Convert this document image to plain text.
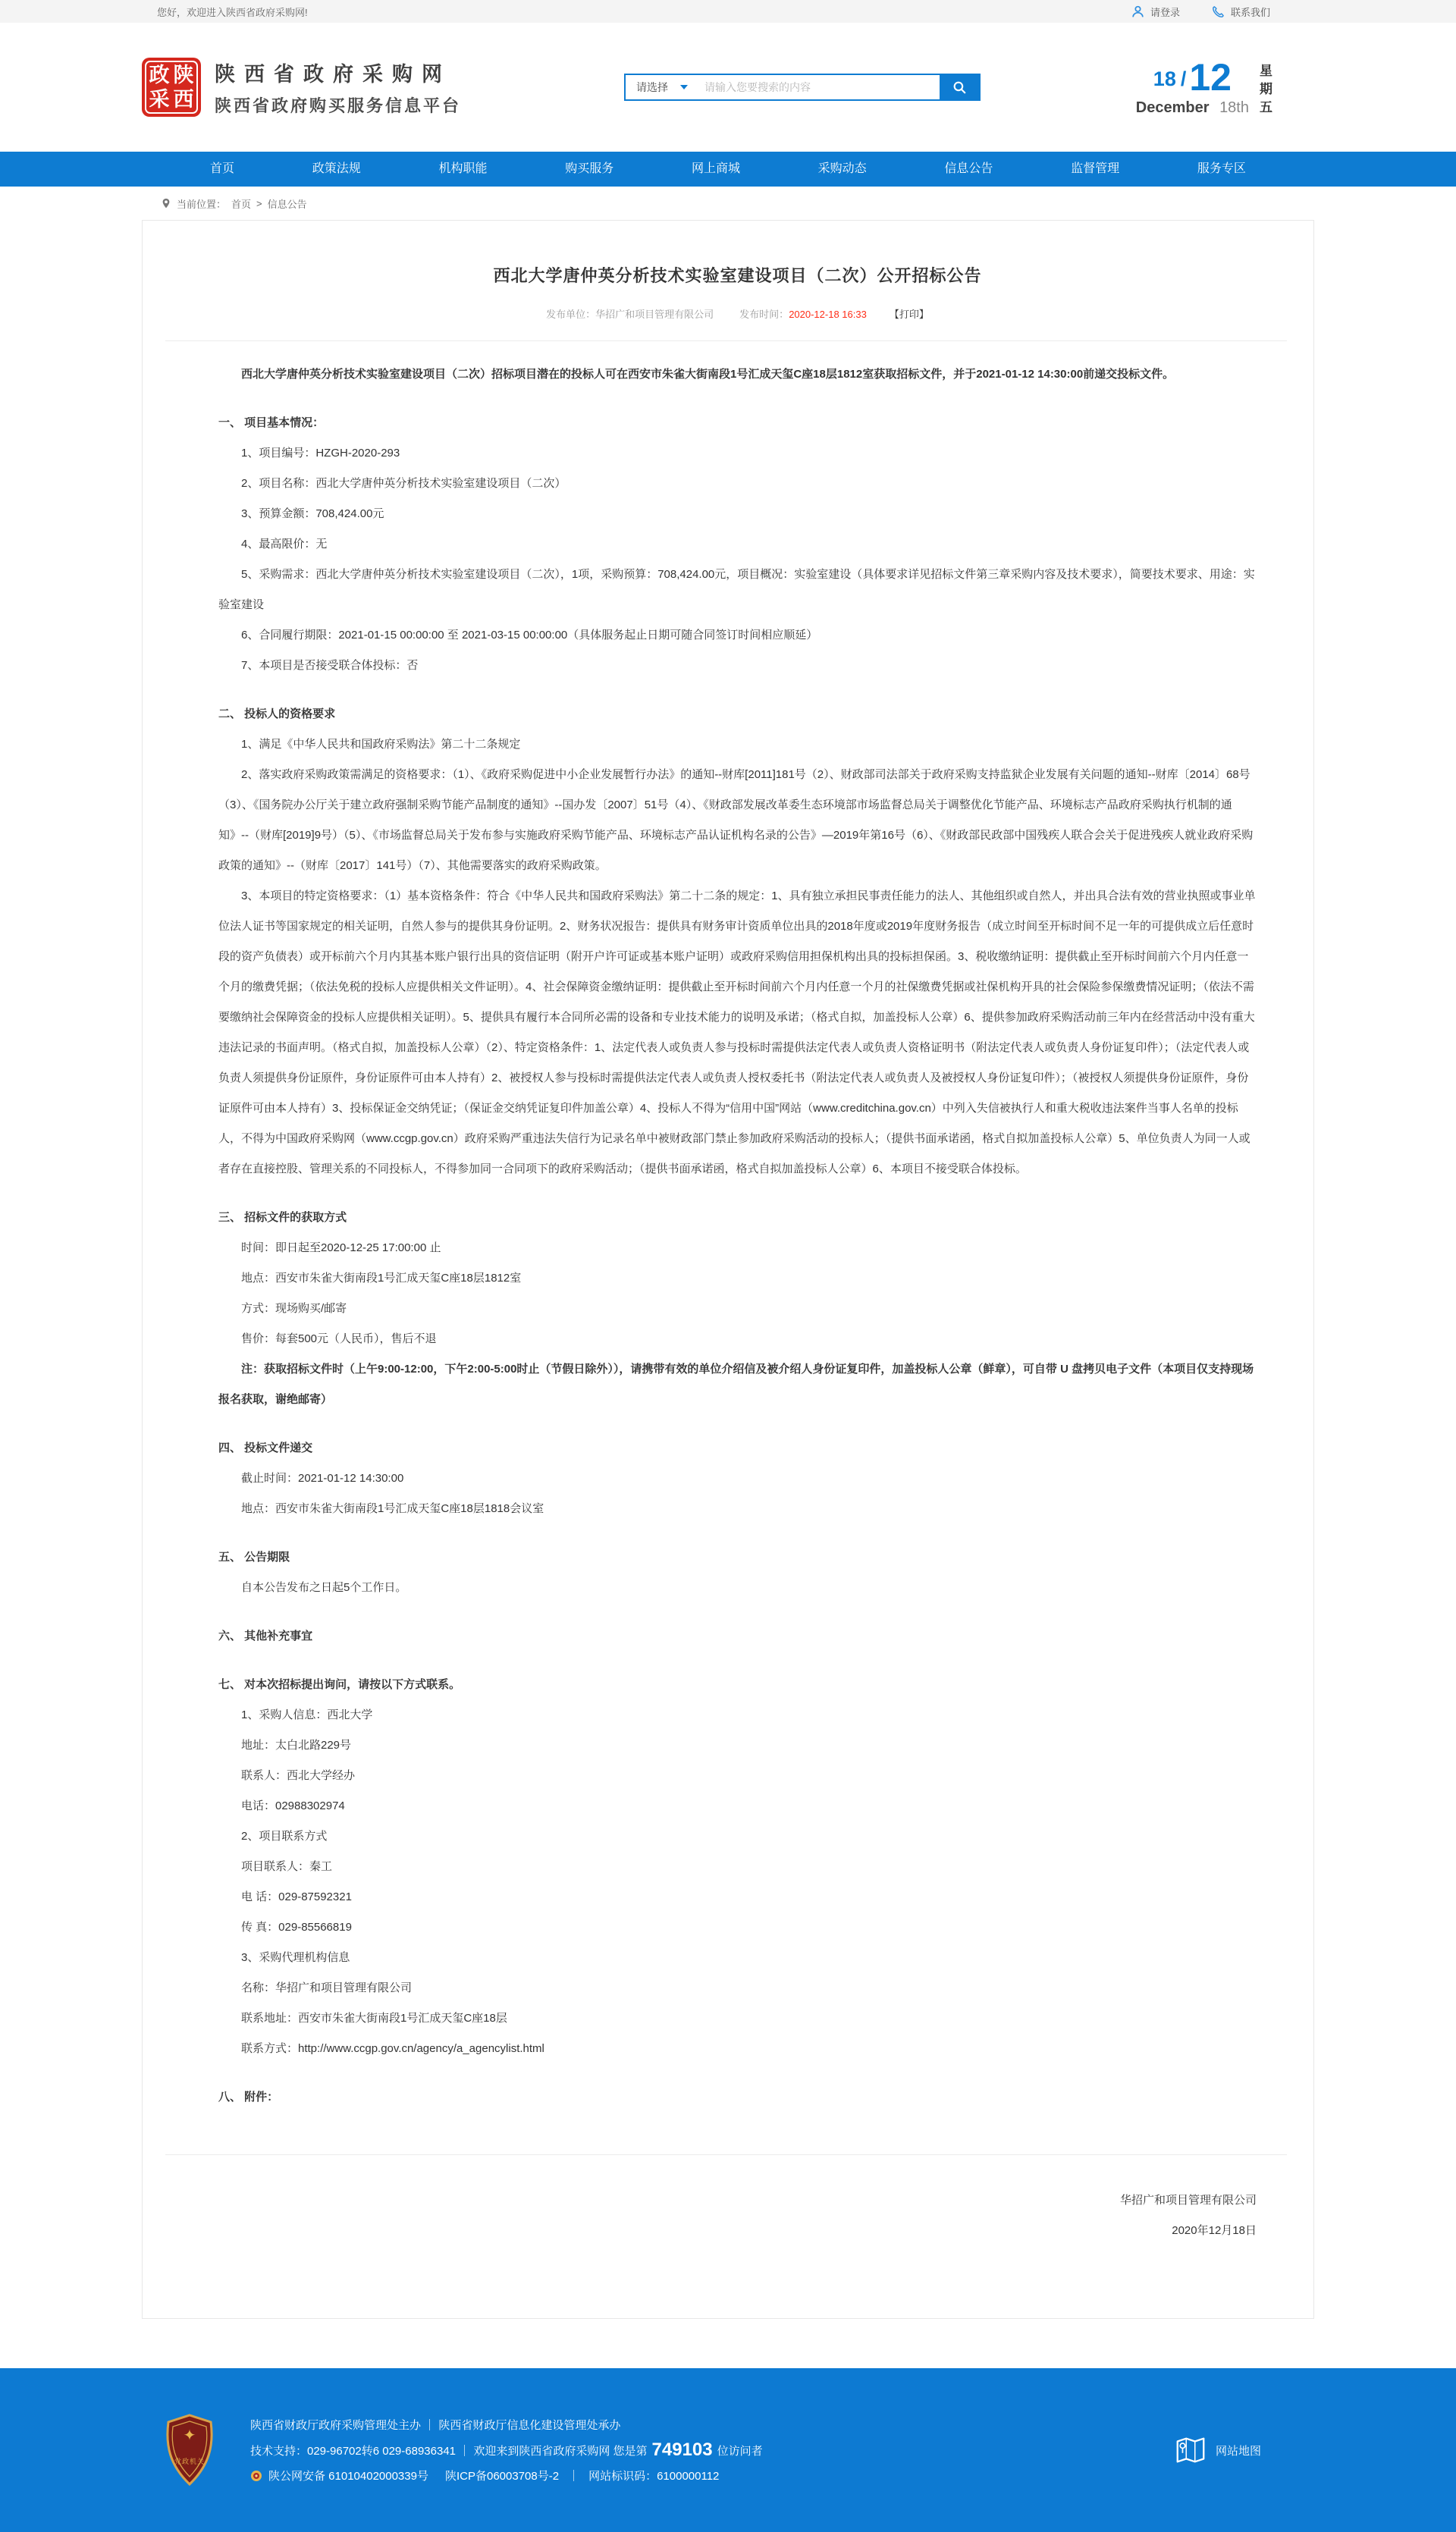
您好，欢迎进入陕西省政府采购网!	请登录	联系我们
政 陕
采 西
陕西省政府采购网
陕西省政府购买服务信息平台
请选择
请输入您要搜索的内容	18 / 12
December 18th
星
期
五
首页	政策法规	机构职能	购买服务	网上商城	采购动态	信息公告	监督管理	服务专区
当前位置： 首页 > 信息公告
西北大学唐仲英分析技术实验室建设项目（二次）公开招标公告
发布单位：华招广和项目管理有限公司	发布时间：2020-12-18 16:33 【打印】
西北大学唐仲英分析技术实验室建设项目（二次）招标项目潜在的投标人可在西安市朱雀大街南段1号汇成天玺C座18层1812室获取招标文件，并于2021-01-12 14:30:00前递交投标文件。
一、 项目基本情况：
1、项目编号：HZGH-2020-293
2、项目名称：西北大学唐仲英分析技术实验室建设项目（二次）
3、预算金额：708,424.00元
4、最高限价：无
5、采购需求：西北大学唐仲英分析技术实验室建设项目（二次），1项，采购预算：708,424.00元，项目概况：实验室建设（具体要求详见招标文件第三章采购内容及技术要求），简要技术要求、用途：实验室建设
6、合同履行期限：2021-01-15 00:00:00 至 2021-03-15 00:00:00（具体服务起止日期可随合同签订时间相应顺延）
7、本项目是否接受联合体投标：否
二、 投标人的资格要求
1、满足《中华人民共和国政府采购法》第二十二条规定
2、落实政府采购政策需满足的资格要求：（1）、《政府采购促进中小企业发展暂行办法》的通知--财库[2011]181号（2）、财政部司法部关于政府采购支持监狱企业发展有关问题的通知--财库〔2014〕68号（3）、《国务院办公厅关于建立政府强制采购节能产品制度的通知》--国办发〔2007〕51号（4）、《财政部发展改革委生态环境部市场监督总局关于调整优化节能产品、环境标志产品政府采购执行机制的通知》--（财库[2019]9号）（5）、《市场监督总局关于发布参与实施政府采购节能产品、环境标志产品认证机构名录的公告》—2019年第16号（6）、《财政部民政部中国残疾人联合会关于促进残疾人就业政府采购政策的通知》--（财库〔2017〕141号）（7）、其他需要落实的政府采购政策。
3、本项目的特定资格要求：（1）基本资格条件：符合《中华人民共和国政府采购法》第二十二条的规定：1、具有独立承担民事责任能力的法人、其他组织或自然人，并出具合法有效的营业执照或事业单位法人证书等国家规定的相关证明，自然人参与的提供其身份证明。2、财务状况报告：提供具有财务审计资质单位出具的2018年度或2019年度财务报告（成立时间至开标时间不足一年的可提供成立后任意时段的资产负债表）或开标前六个月内其基本账户银行出具的资信证明（附开户许可证或基本账户证明）或政府采购信用担保机构出具的投标担保函。3、税收缴纳证明：提供截止至开标时间前六个月内任意一个月的缴费凭据；（依法免税的投标人应提供相关文件证明）。4、社会保障资金缴纳证明：提供截止至开标时间前六个月内任意一个月的社保缴费凭据或社保机构开具的社会保险参保缴费情况证明；（依法不需要缴纳社会保障资金的投标人应提供相关证明）。5、提供具有履行本合同所必需的设备和专业技术能力的说明及承诺；（格式自拟，加盖投标人公章）6、提供参加政府采购活动前三年内在经营活动中没有重大违法记录的书面声明。（格式自拟，加盖投标人公章）（2）、特定资格条件：1、法定代表人或负责人参与投标时需提供法定代表人或负责人资格证明书（附法定代表人或负责人身份证复印件）；（法定代表人或负责人须提供身份证原件，身份证原件可由本人持有）2、被授权人参与投标时需提供法定代表人或负责人授权委托书（附法定代表人或负责人及被授权人身份证复印件）；（被授权人须提供身份证原件，身份证原件可由本人持有）3、投标保证金交纳凭证；（保证金交纳凭证复印件加盖公章）4、投标人不得为“信用中国”网站（www.creditchina.gov.cn）中列入失信被执行人和重大税收违法案件当事人名单的投标人，不得为中国政府采购网（www.ccgp.gov.cn）政府采购严重违法失信行为记录名单中被财政部门禁止参加政府采购活动的投标人；（提供书面承诺函，格式自拟加盖投标人公章）5、单位负责人为同一人或者存在直接控股、管理关系的不同投标人，不得参加同一合同项下的政府采购活动；（提供书面承诺函，格式自拟加盖投标人公章）6、本项目不接受联合体投标。
三、 招标文件的获取方式
时间：即日起至2020-12-25 17:00:00 止
地点：西安市朱雀大街南段1号汇成天玺C座18层1812室
方式：现场购买/邮寄
售价：每套500元（人民币），售后不退
注：获取招标文件时（上午9:00-12:00，下午2:00-5:00时止（节假日除外）），请携带有效的单位介绍信及被介绍人身份证复印件，加盖投标人公章（鲜章），可自带 U 盘拷贝电子文件（本项目仅支持现场报名获取，谢绝邮寄）
四、 投标文件递交
截止时间：2021-01-12 14:30:00
地点：西安市朱雀大街南段1号汇成天玺C座18层1818会议室
五、 公告期限
自本公告发布之日起5个工作日。
六、 其他补充事宜
七、 对本次招标提出询问，请按以下方式联系。
1、采购人信息：西北大学
地址：太白北路229号
联系人：西北大学经办
电话：02988302974
2、项目联系方式
项目联系人：秦工
电 话：029-87592321
传 真：029-85566819
3、采购代理机构信息
名称：华招广和项目管理有限公司
联系地址：西安市朱雀大街南段1号汇成天玺C座18层
联系方式：http://www.ccgp.gov.cn/agency/a_agencylist.html
八、 附件：
华招广和项目管理有限公司
2020年12月18日
✦
党政机关
陕西省财政厅政府采购管理处主办 ｜ 陕西省财政厅信息化建设管理处承办
技术支持：029-96702转6 029-68936341 ｜ 欢迎来到陕西省政府采购网 您是第 749103 位访问者
陕公网安备 61010402000339号 陕ICP备06003708号-2 ｜ 网站标识码：6100000112
网站地图
